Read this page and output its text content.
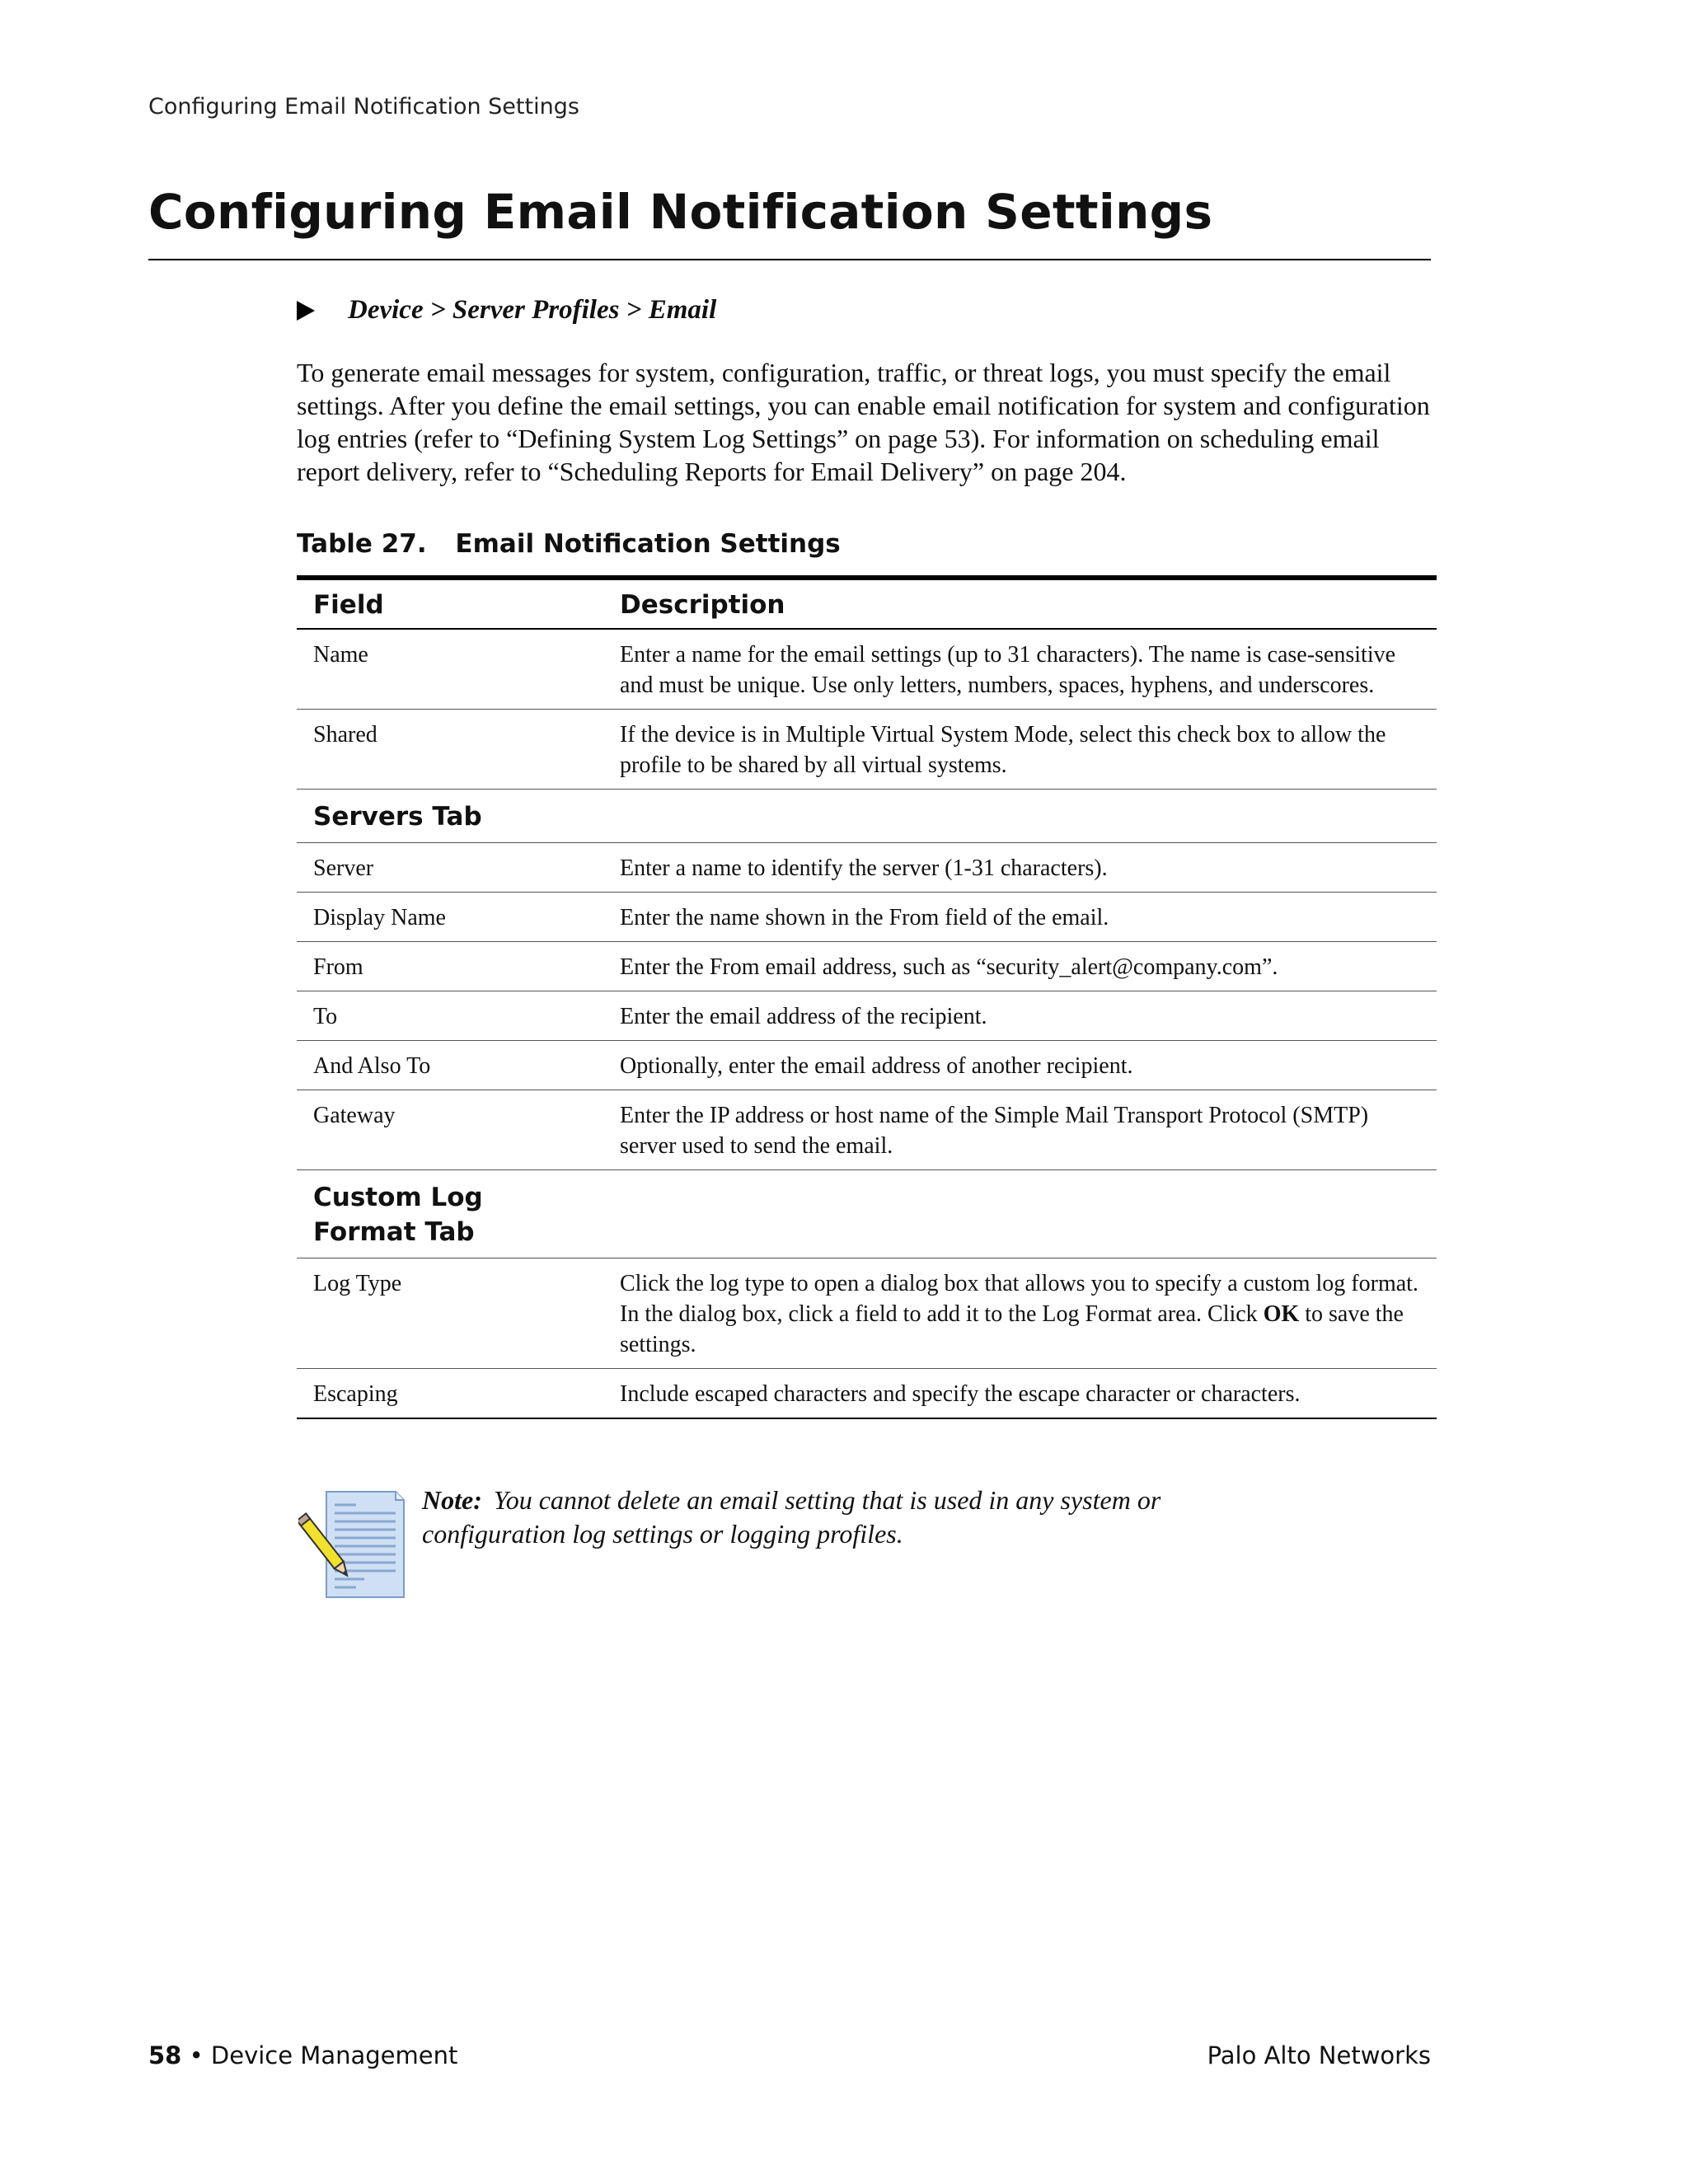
Configuring Email Notification Settings
Configuring Email Notification Settings
Device > Server Profiles > Email

To generate email messages for system, configuration, traffic, or threat logs, you must specify the email settings. After you define the email settings, you can enable email notification for system and configuration log entries (refer to “Defining System Log Settings” on page 53). For information on scheduling email report delivery, refer to “Scheduling Reports for Email Delivery” on page 204.

Table 27. Email Notification Settings
Field	Description
Name	Enter a name for the email settings (up to 31 characters). The name is case-sensitive and must be unique. Use only letters, numbers, spaces, hyphens, and underscores.
Shared	If the device is in Multiple Virtual System Mode, select this check box to allow the profile to be shared by all virtual systems.
Servers Tab	
Server	Enter a name to identify the server (1-31 characters).
Display Name	Enter the name shown in the From field of the email.
From	Enter the From email address, such as “security_alert@company.com”.
To	Enter the email address of the recipient.
And Also To	Optionally, enter the email address of another recipient.
Gateway	Enter the IP address or host name of the Simple Mail Transport Protocol (SMTP) server used to send the email.
Custom Log Format Tab	
Log Type	Click the log type to open a dialog box that allows you to specify a custom log format. In the dialog box, click a field to add it to the Log Format area. Click OK to save the settings.
Escaping	Include escaped characters and specify the escape character or characters.

Note: You cannot delete an email setting that is used in any system or configuration log settings or logging profiles.

58 • Device Management	Palo Alto Networks
